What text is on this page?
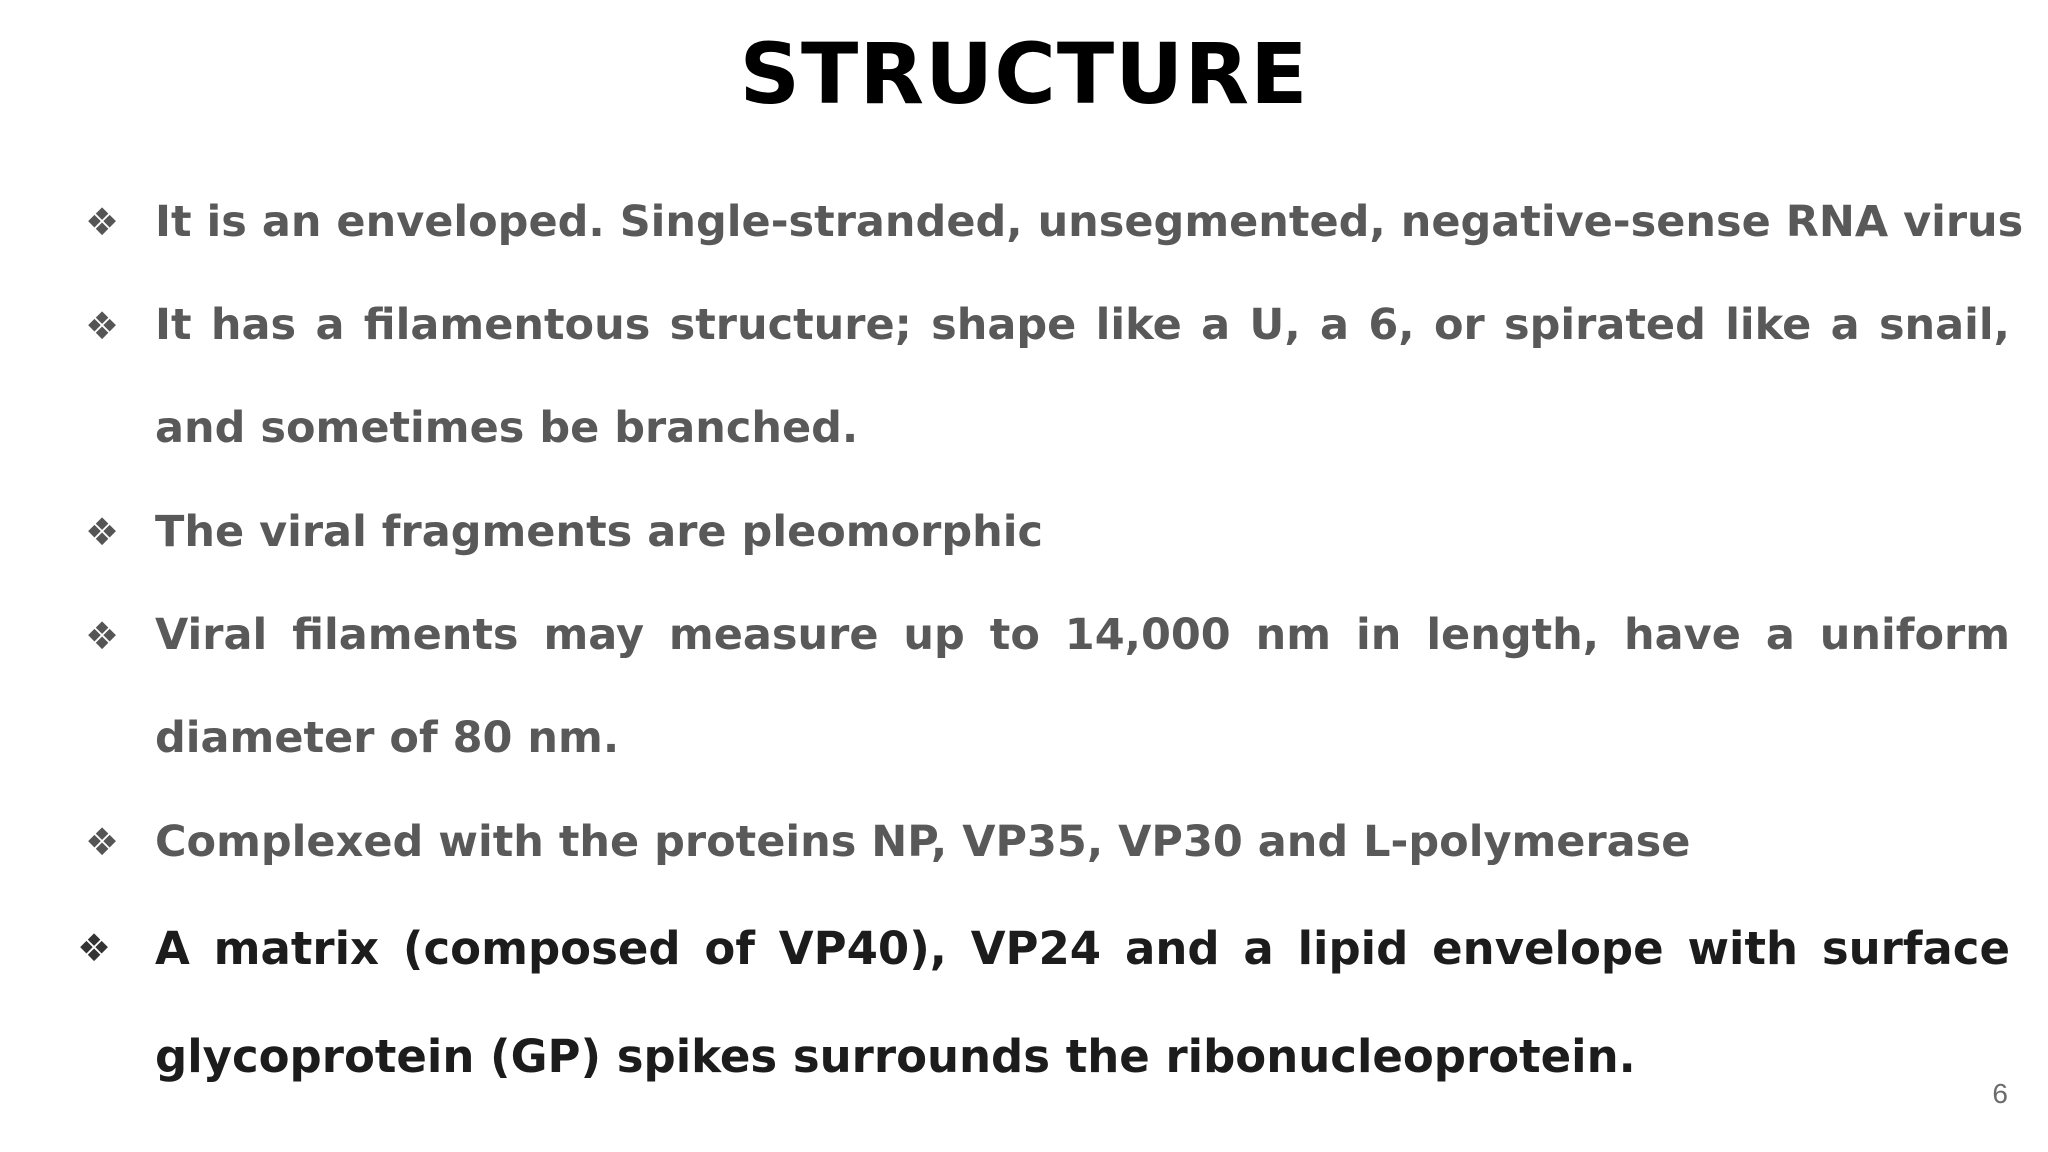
STRUCTURE
❖ It is an enveloped. Single-stranded, unsegmented, negative-sense RNA virus
❖ It has a filamentous structure; shape like a U, a 6, or spirated like a snail,
and sometimes be branched.
❖ The viral fragments are pleomorphic
❖ Viral filaments may measure up to 14,000 nm in length, have a uniform
diameter of 80 nm.
❖ Complexed with the proteins NP, VP35, VP30 and L-polymerase
❖ A matrix (composed of VP40), VP24 and a lipid envelope with surface
glycoprotein (GP) spikes surrounds the ribonucleoprotein.
6
